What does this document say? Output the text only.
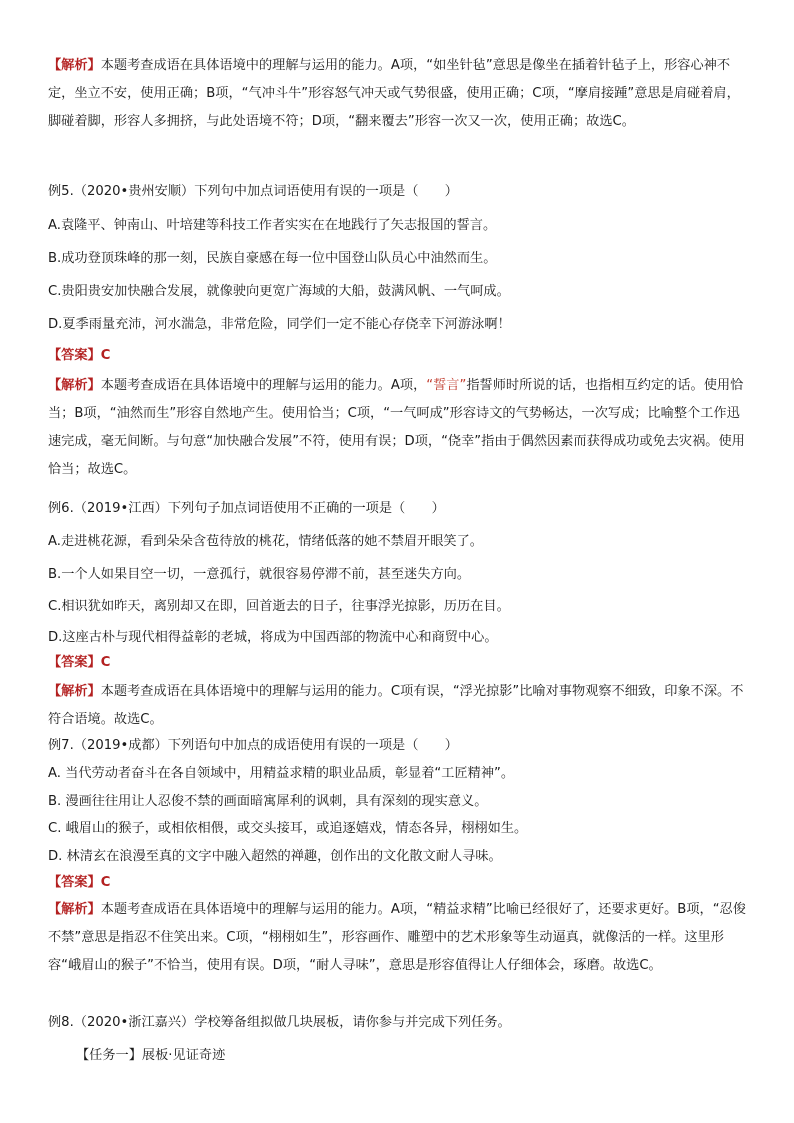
【解析】本题考查成语在具体语境中的理解与运用的能力。A项，“如坐针毡”意思是像坐在插着针毡子上，形容心神不定，坐立不安，使用正确；B项，“气冲斗牛”形容怒气冲天或气势很盛，使用正确；C项，“摩肩接踵”意思是肩碰着肩，脚碰着脚，形容人多拥挤，与此处语境不符；D项，“翻来覆去”形容一次又一次，使用正确；故选C。

例5.（2020•贵州安顺）下列句中加点词语使用有误的一项是（　　）

A.袁隆平、钟南山、叶培建等科技工作者实实在在地践行了矢志报国的誓言。

B.成功登顶珠峰的那一刻，民族自豪感在每一位中国登山队员心中油然而生。

C.贵阳贵安加快融合发展，就像驶向更宽广海域的大船，鼓满风帆、一气呵成。

D.夏季雨量充沛，河水湍急，非常危险，同学们一定不能心存侥幸下河游泳啊！

【答案】C

【解析】本题考查成语在具体语境中的理解与运用的能力。A项，“誓言”指誓师时所说的话，也指相互约定的话。使用恰当；B项，“油然而生”形容自然地产生。使用恰当；C项，“一气呵成”形容诗文的气势畅达，一次写成；比喻整个工作迅速完成，毫无间断。与句意“加快融合发展”不符，使用有误；D项，“侥幸”指由于偶然因素而获得成功或免去灾祸。使用恰当；故选C。

例6.（2019•江西）下列句子加点词语使用不正确的一项是（　　）

A.走进桃花源，看到朵朵含苞待放的桃花，情绪低落的她不禁眉开眼笑了。

B.一个人如果目空一切，一意孤行，就很容易停滞不前，甚至迷失方向。

C.相识犹如昨天，离别却又在即，回首逝去的日子，往事浮光掠影，历历在目。

D.这座古朴与现代相得益彰的老城，将成为中国西部的物流中心和商贸中心。

【答案】C

【解析】本题考查成语在具体语境中的理解与运用的能力。C项有误，“浮光掠影”比喻对事物观察不细致，印象不深。不符合语境。故选C。

例7.（2019•成都）下列语句中加点的成语使用有误的一项是（　　）

A. 当代劳动者奋斗在各自领域中，用精益求精的职业品质，彰显着“工匠精神”。

B. 漫画往往用让人忍俊不禁的画面暗寓犀利的讽刺，具有深刻的现实意义。

C. 峨眉山的猴子，或相依相偎，或交头接耳，或追逐嬉戏，情态各异，栩栩如生。

D. 林清玄在浪漫至真的文字中融入超然的禅趣，创作出的文化散文耐人寻味。

【答案】C

【解析】本题考查成语在具体语境中的理解与运用的能力。A项，“精益求精”比喻已经很好了，还要求更好。B项，“忍俊不禁”意思是指忍不住笑出来。C项，“栩栩如生”，形容画作、雕塑中的艺术形象等生动逼真，就像活的一样。这里形容“峨眉山的猴子”不恰当，使用有误。D项，“耐人寻味”，意思是形容值得让人仔细体会，琢磨。故选C。

例8.（2020•浙江嘉兴）学校筹备组拟做几块展板，请你参与并完成下列任务。

【任务一】展板·见证奇迹
